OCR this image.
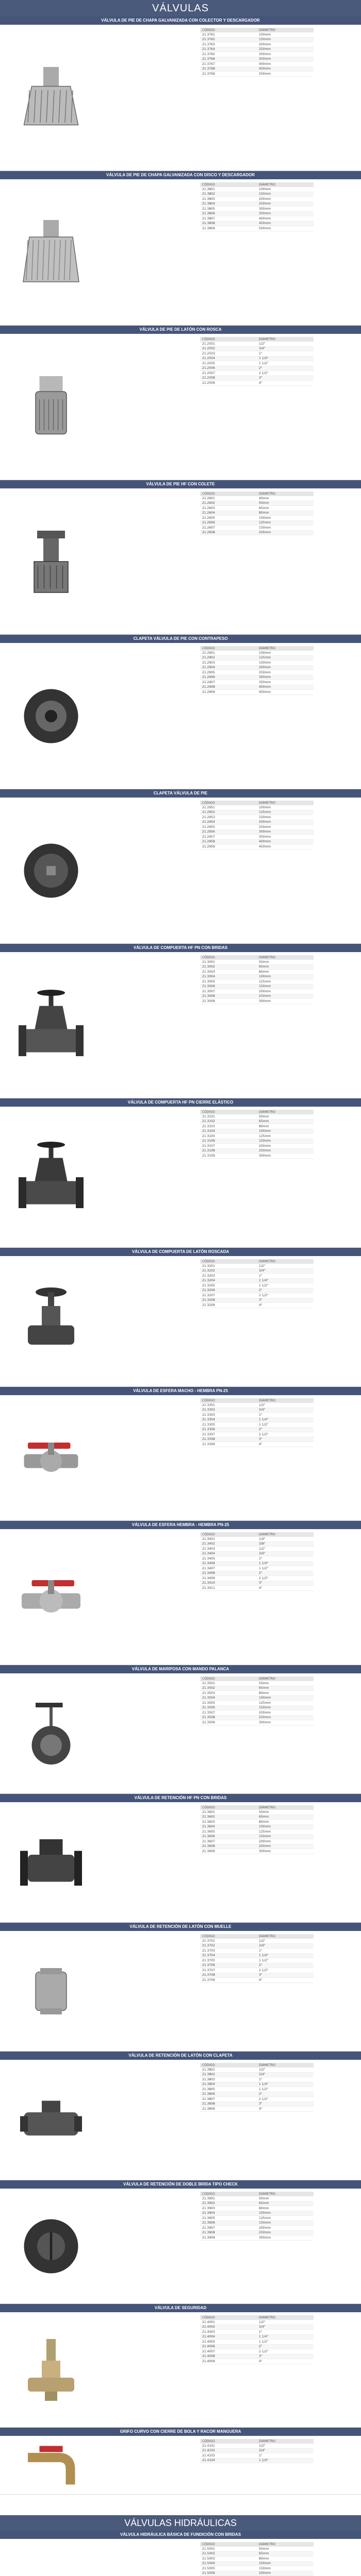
VÁLVULAS
VÁLVULA DE PIE DE CHAPA GALVANIZADA CON COLECTOR Y DESCARGADOR
CÓDIGO	DIÁMETRO
21.3761	100mm
21.3762	150mm
21.3763	200mm
21.3764	250mm
21.3765	300mm
21.3766	350mm
21.3767	400mm
21.3768	450mm
21.3769	500mm
VÁLVULA DE PIE DE CHAPA GALVANIZADA CON DISCO Y DESCARGADOR
CÓDIGO	DIÁMETRO
21.3801	100mm
21.3802	150mm
21.3803	200mm
21.3804	250mm
21.3805	300mm
21.3806	350mm
21.3807	400mm
21.3808	450mm
21.3809	500mm
VÁLVULA DE PIE DE LATÓN CON ROSCA
CÓDIGO	DIÁMETRO
21.2501	1/2"
21.2502	3/4"
21.2503	1"
21.2504	1 1/4"
21.2505	1 1/2"
21.2506	2"
21.2507	2 1/2"
21.2508	3"
21.2509	4"
VÁLVULA DE PIE HF CON COLETE
CÓDIGO	DIÁMETRO
21.2601	40mm
21.2602	50mm
21.2603	65mm
21.2604	80mm
21.2605	100mm
21.2606	125mm
21.2607	150mm
21.2608	200mm
CLAPETA VÁLVULA DE PIE CON CONTRAPESO
CÓDIGO	DIÁMETRO
21.2901	100mm
21.2902	125mm
21.2903	150mm
21.2904	200mm
21.2905	250mm
21.2906	300mm
21.2907	350mm
21.2908	400mm
21.2909	450mm
CLAPETA VÁLVULA DE PIE
CÓDIGO	DIÁMETRO
21.2951	100mm
21.2952	125mm
21.2953	150mm
21.2954	200mm
21.2955	250mm
21.2956	300mm
21.2957	350mm
21.2958	400mm
21.2959	450mm
VÁLVULA DE COMPUERTA HF PN CON BRIDAS
CÓDIGO	DIÁMETRO
21.3001	50mm
21.3002	65mm
21.3003	80mm
21.3004	100mm
21.3005	125mm
21.3006	150mm
21.3007	200mm
21.3008	250mm
21.3009	300mm
VÁLVULA DE COMPUERTA HF PN CIERRE ELÁSTICO
CÓDIGO	DIÁMETRO
21.3101	50mm
21.3102	65mm
21.3103	80mm
21.3104	100mm
21.3105	125mm
21.3106	150mm
21.3107	200mm
21.3108	250mm
21.3109	300mm
VÁLVULA DE COMPUERTA DE LATÓN ROSCADA
CÓDIGO	DIÁMETRO
21.3201	1/2"
21.3202	3/4"
21.3203	1"
21.3204	1 1/4"
21.3205	1 1/2"
21.3206	2"
21.3207	2 1/2"
21.3208	3"
21.3209	4"
VÁLVULA DE ESFERA MACHO - HEMBRA PN-25
CÓDIGO	DIÁMETRO
21.3301	1/2"
21.3302	3/4"
21.3303	1"
21.3304	1 1/4"
21.3305	1 1/2"
21.3306	2"
21.3307	2 1/2"
21.3308	3"
21.3309	4"
VÁLVULA DE ESFERA HEMBRA - HEMBRA PN-25
CÓDIGO	DIÁMETRO
21.3401	1/4"
21.3402	3/8"
21.3403	1/2"
21.3404	3/4"
21.3405	1"
21.3406	1 1/4"
21.3407	1 1/2"
21.3408	2"
21.3409	2 1/2"
21.3410	3"
21.3411	4"
VÁLVULA DE MARIPOSA CON MANDO PALANCA
CÓDIGO	DIÁMETRO
21.3501	50mm
21.3502	65mm
21.3503	80mm
21.3504	100mm
21.3505	125mm
21.3506	150mm
21.3507	200mm
21.3508	250mm
21.3509	300mm
VÁLVULA DE RETENCIÓN HF PN CON BRIDAS
CÓDIGO	DIÁMETRO
21.3601	50mm
21.3602	65mm
21.3603	80mm
21.3604	100mm
21.3605	125mm
21.3606	150mm
21.3607	200mm
21.3608	250mm
21.3609	300mm
VÁLVULA DE RETENCIÓN DE LATÓN CON MUELLE
CÓDIGO	DIÁMETRO
21.3701	1/2"
21.3702	3/4"
21.3703	1"
21.3704	1 1/4"
21.3705	1 1/2"
21.3706	2"
21.3707	2 1/2"
21.3708	3"
21.3709	4"
VÁLVULA DE RETENCIÓN DE LATÓN CON CLAPETA
CÓDIGO	DIÁMETRO
21.3801	1/2"
21.3802	3/4"
21.3803	1"
21.3804	1 1/4"
21.3805	1 1/2"
21.3806	2"
21.3807	2 1/2"
21.3808	3"
21.3809	4"
VÁLVULA DE RETENCIÓN DE DOBLE BRIDA TIPO CHECK
CÓDIGO	DIÁMETRO
21.3901	50mm
21.3902	65mm
21.3903	80mm
21.3904	100mm
21.3905	125mm
21.3906	150mm
21.3907	200mm
21.3908	250mm
21.3909	300mm
VÁLVULA DE SEGURIDAD
CÓDIGO	DIÁMETRO
21.4001	1/2"
21.4002	3/4"
21.4003	1"
21.4004	1 1/4"
21.4005	1 1/2"
21.4006	2"
21.4007	2 1/2"
21.4008	3"
21.4009	4"
GRIFO CURVO CON CIERRE DE BOLA Y RACOR MANGUERA
CÓDIGO	DIÁMETRO
21.4101	1/2"
21.4102	3/4"
21.4103	1"
21.4104	1 1/4"
VÁLVULAS HIDRÁULICAS
VÁLVULA HIDRÁULICA BÁSICA DE FUNDICIÓN CON BRIDAS
CÓDIGO	DIÁMETRO
21.5001	50mm
21.5002	65mm
21.5003	80mm
21.5004	100mm
21.5005	150mm
21.5006	200mm
